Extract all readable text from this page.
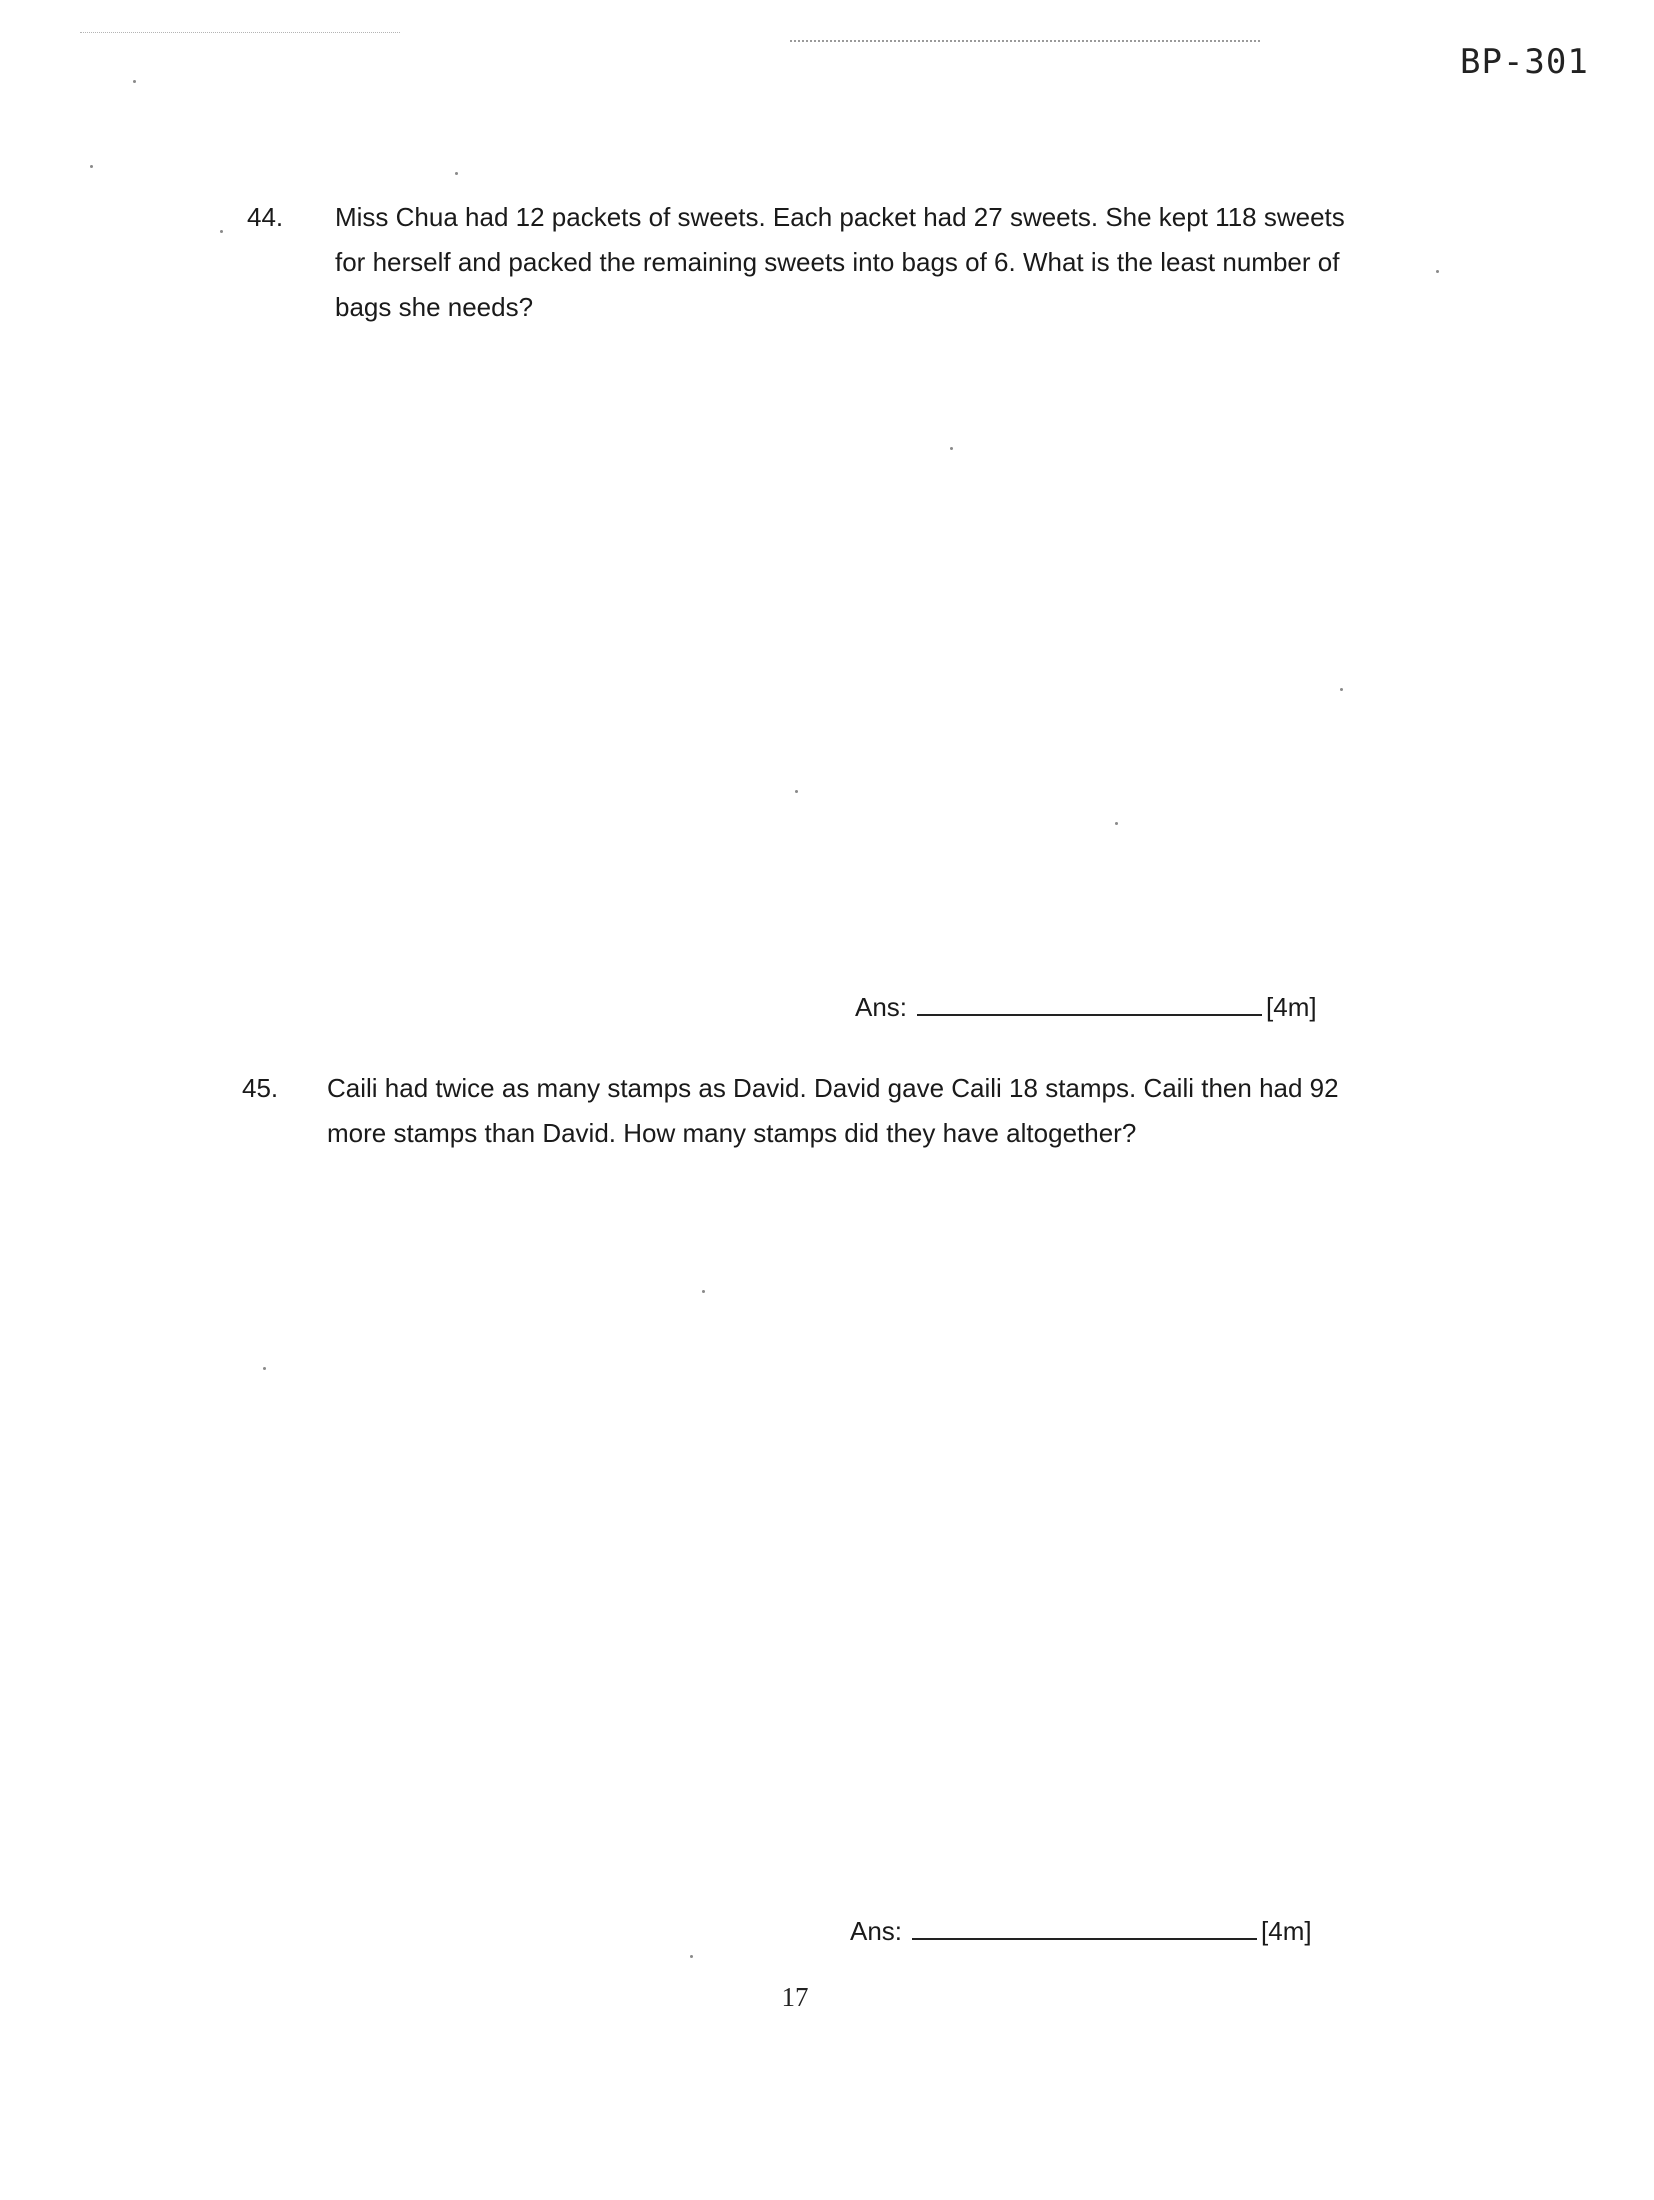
BP-301
44. Miss Chua had 12 packets of sweets. Each packet had 27 sweets. She kept 118 sweets for herself and packed the remaining sweets into bags of 6. What is the least number of bags she needs?
Ans:	[4m]
45. Caili had twice as many stamps as David. David gave Caili 18 stamps. Caili then had 92 more stamps than David. How many stamps did they have altogether?
Ans:	[4m]
17
